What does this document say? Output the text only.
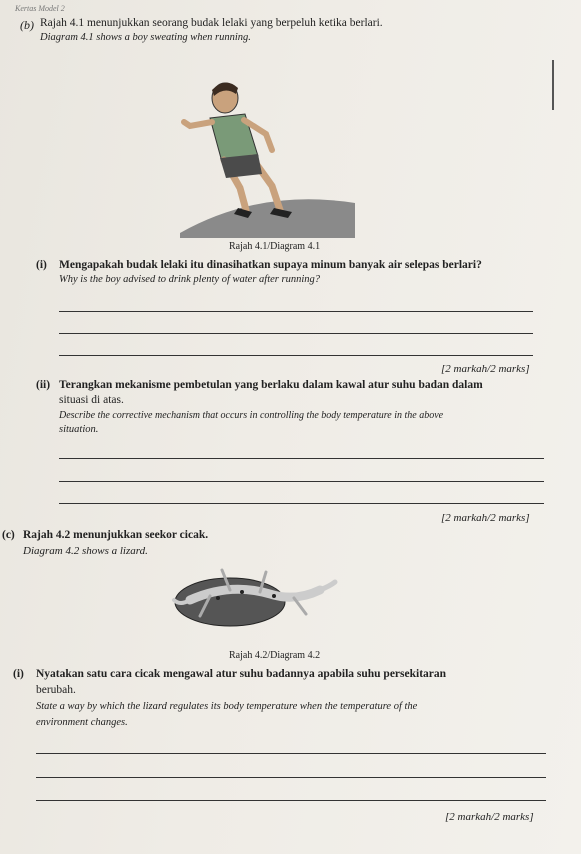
Kertas Model 2
(b) Rajah 4.1 menunjukkan seorang budak lelaki yang berpeluh ketika berlari.
Diagram 4.1 shows a boy sweating when running.
Rajah 4.1/Diagram 4.1
(i) Mengapakah budak lelaki itu dinasihatkan supaya minum banyak air selepas berlari?
Why is the boy advised to drink plenty of water after running?
[2 markah/2 marks]
(ii) Terangkan mekanisme pembetulan yang berlaku dalam kawal atur suhu badan dalam
situasi di atas.
Describe the corrective mechanism that occurs in controlling the body temperature in the above
situation.
[2 markah/2 marks]
(c) Rajah 4.2 menunjukkan seekor cicak.
Diagram 4.2 shows a lizard.
Rajah 4.2/Diagram 4.2
(i) Nyatakan satu cara cicak mengawal atur suhu badannya apabila suhu persekitaran
berubah.
State a way by which the lizard regulates its body temperature when the temperature of the
environment changes.
[2 markah/2 marks]
